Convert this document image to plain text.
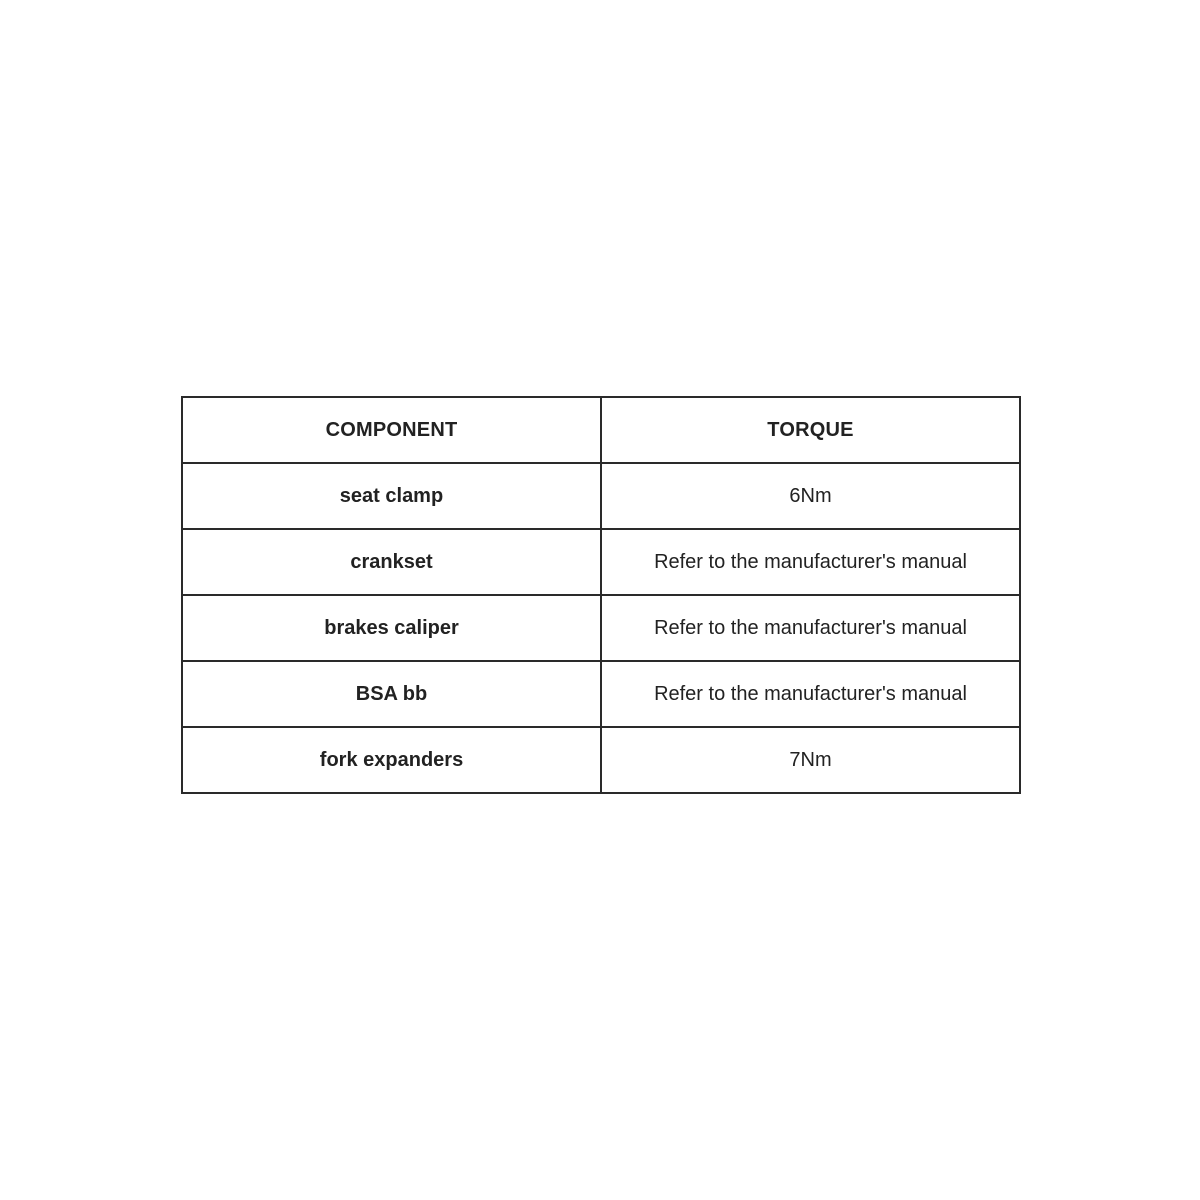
COMPONENT	TORQUE
seat clamp	6Nm
crankset	Refer to the manufacturer's manual
brakes caliper	Refer to the manufacturer's manual
BSA bb	Refer to the manufacturer's manual
fork expanders	7Nm
